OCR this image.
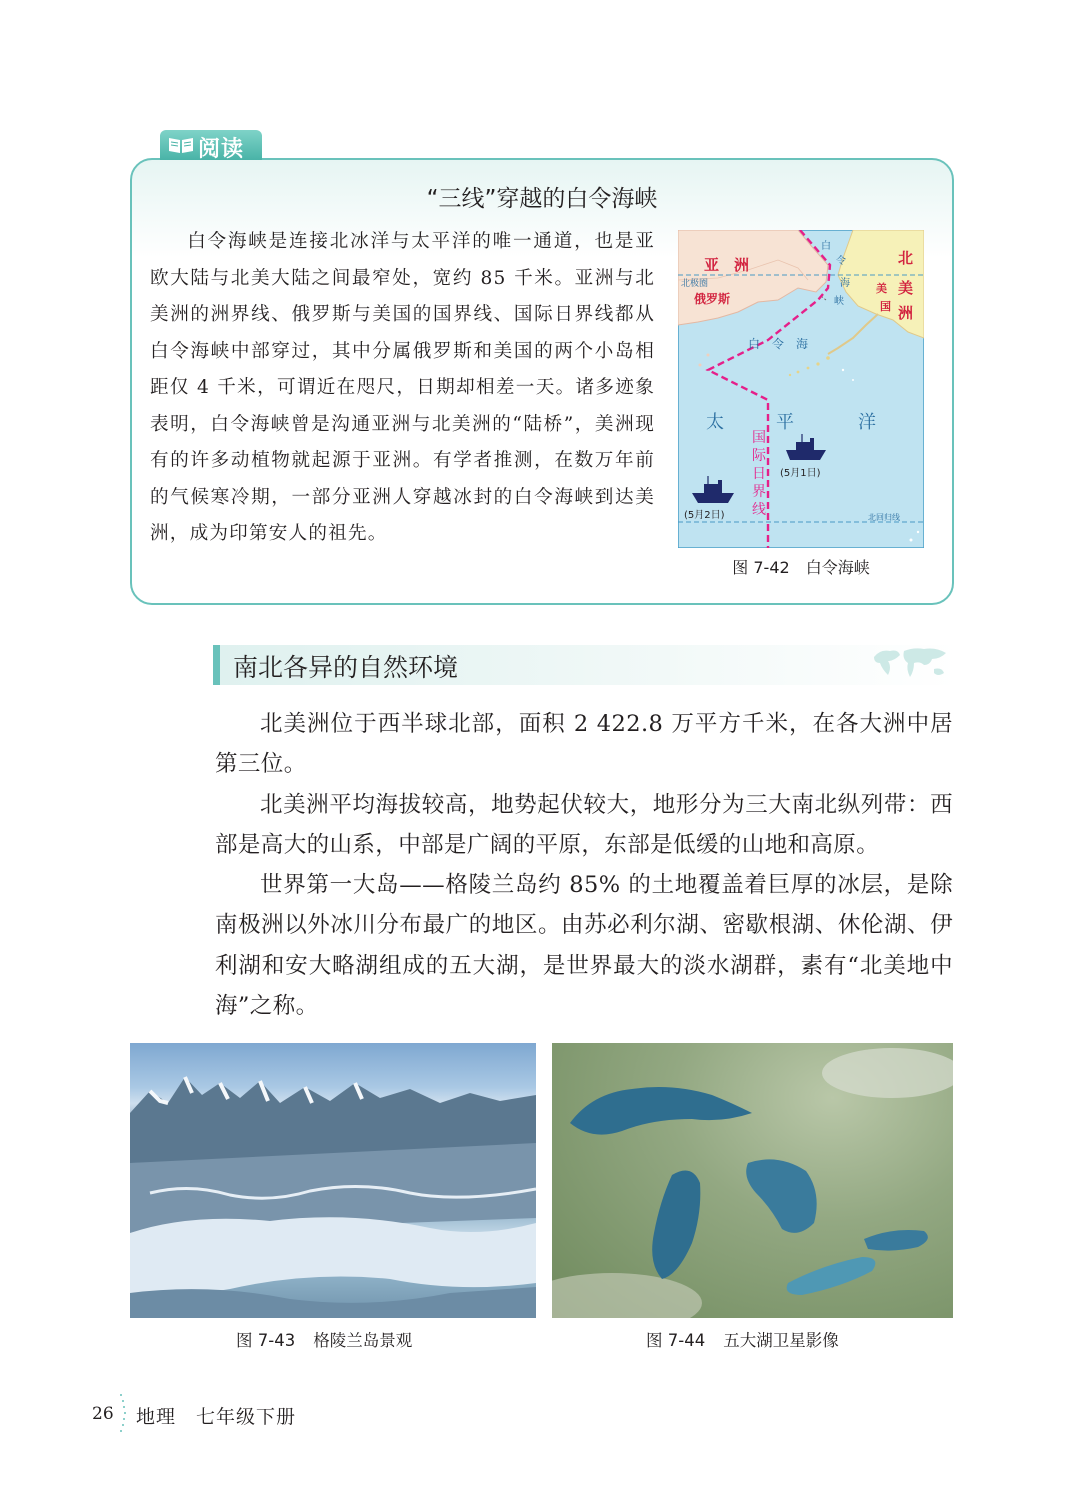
阅读
“三线”穿越的白令海峡
白令海峡是连接北冰洋与太平洋的唯一通道，也是亚欧大陆与北美大陆之间最窄处，宽约 85 千米。亚洲与北美洲的洲界线、俄罗斯与美国的国界线、国际日界线都从白令海峡中部穿过，其中分属俄罗斯和美国的两个小岛相距仅 4 千米，可谓近在咫尺，日期却相差一天。诸多迹象表明，白令海峡曾是沟通亚洲与北美洲的“陆桥”，美洲现有的许多动植物就起源于亚洲。有学者推测，在数万年前的气候寒冷期，一部分亚洲人穿越冰封的白令海峡到达美洲，成为印第安人的祖先。
亚　洲	北
美
洲
北极圈
俄罗斯
美
国
白
令
海
峡
白　令　海
太	平	洋
国
际
日
界
线
(5月1日)
(5月2日)	北回归线
图 7-42 白令海峡
南北各异的自然环境

北美洲位于西半球北部，面积 2 422.8 万平方千米，在各大洲中居第三位。

北美洲平均海拔较高，地势起伏较大，地形分为三大南北纵列带：西部是高大的山系，中部是广阔的平原，东部是低缓的山地和高原。

世界第一大岛——格陵兰岛约 85% 的土地覆盖着巨厚的冰层，是除南极洲以外冰川分布最广的地区。由苏必利尔湖、密歇根湖、休伦湖、伊利湖和安大略湖组成的五大湖，是世界最大的淡水湖群，素有“北美地中海”之称。

图 7-43 格陵兰岛景观	图 7-44 五大湖卫星影像
26 地理　七年级下册
